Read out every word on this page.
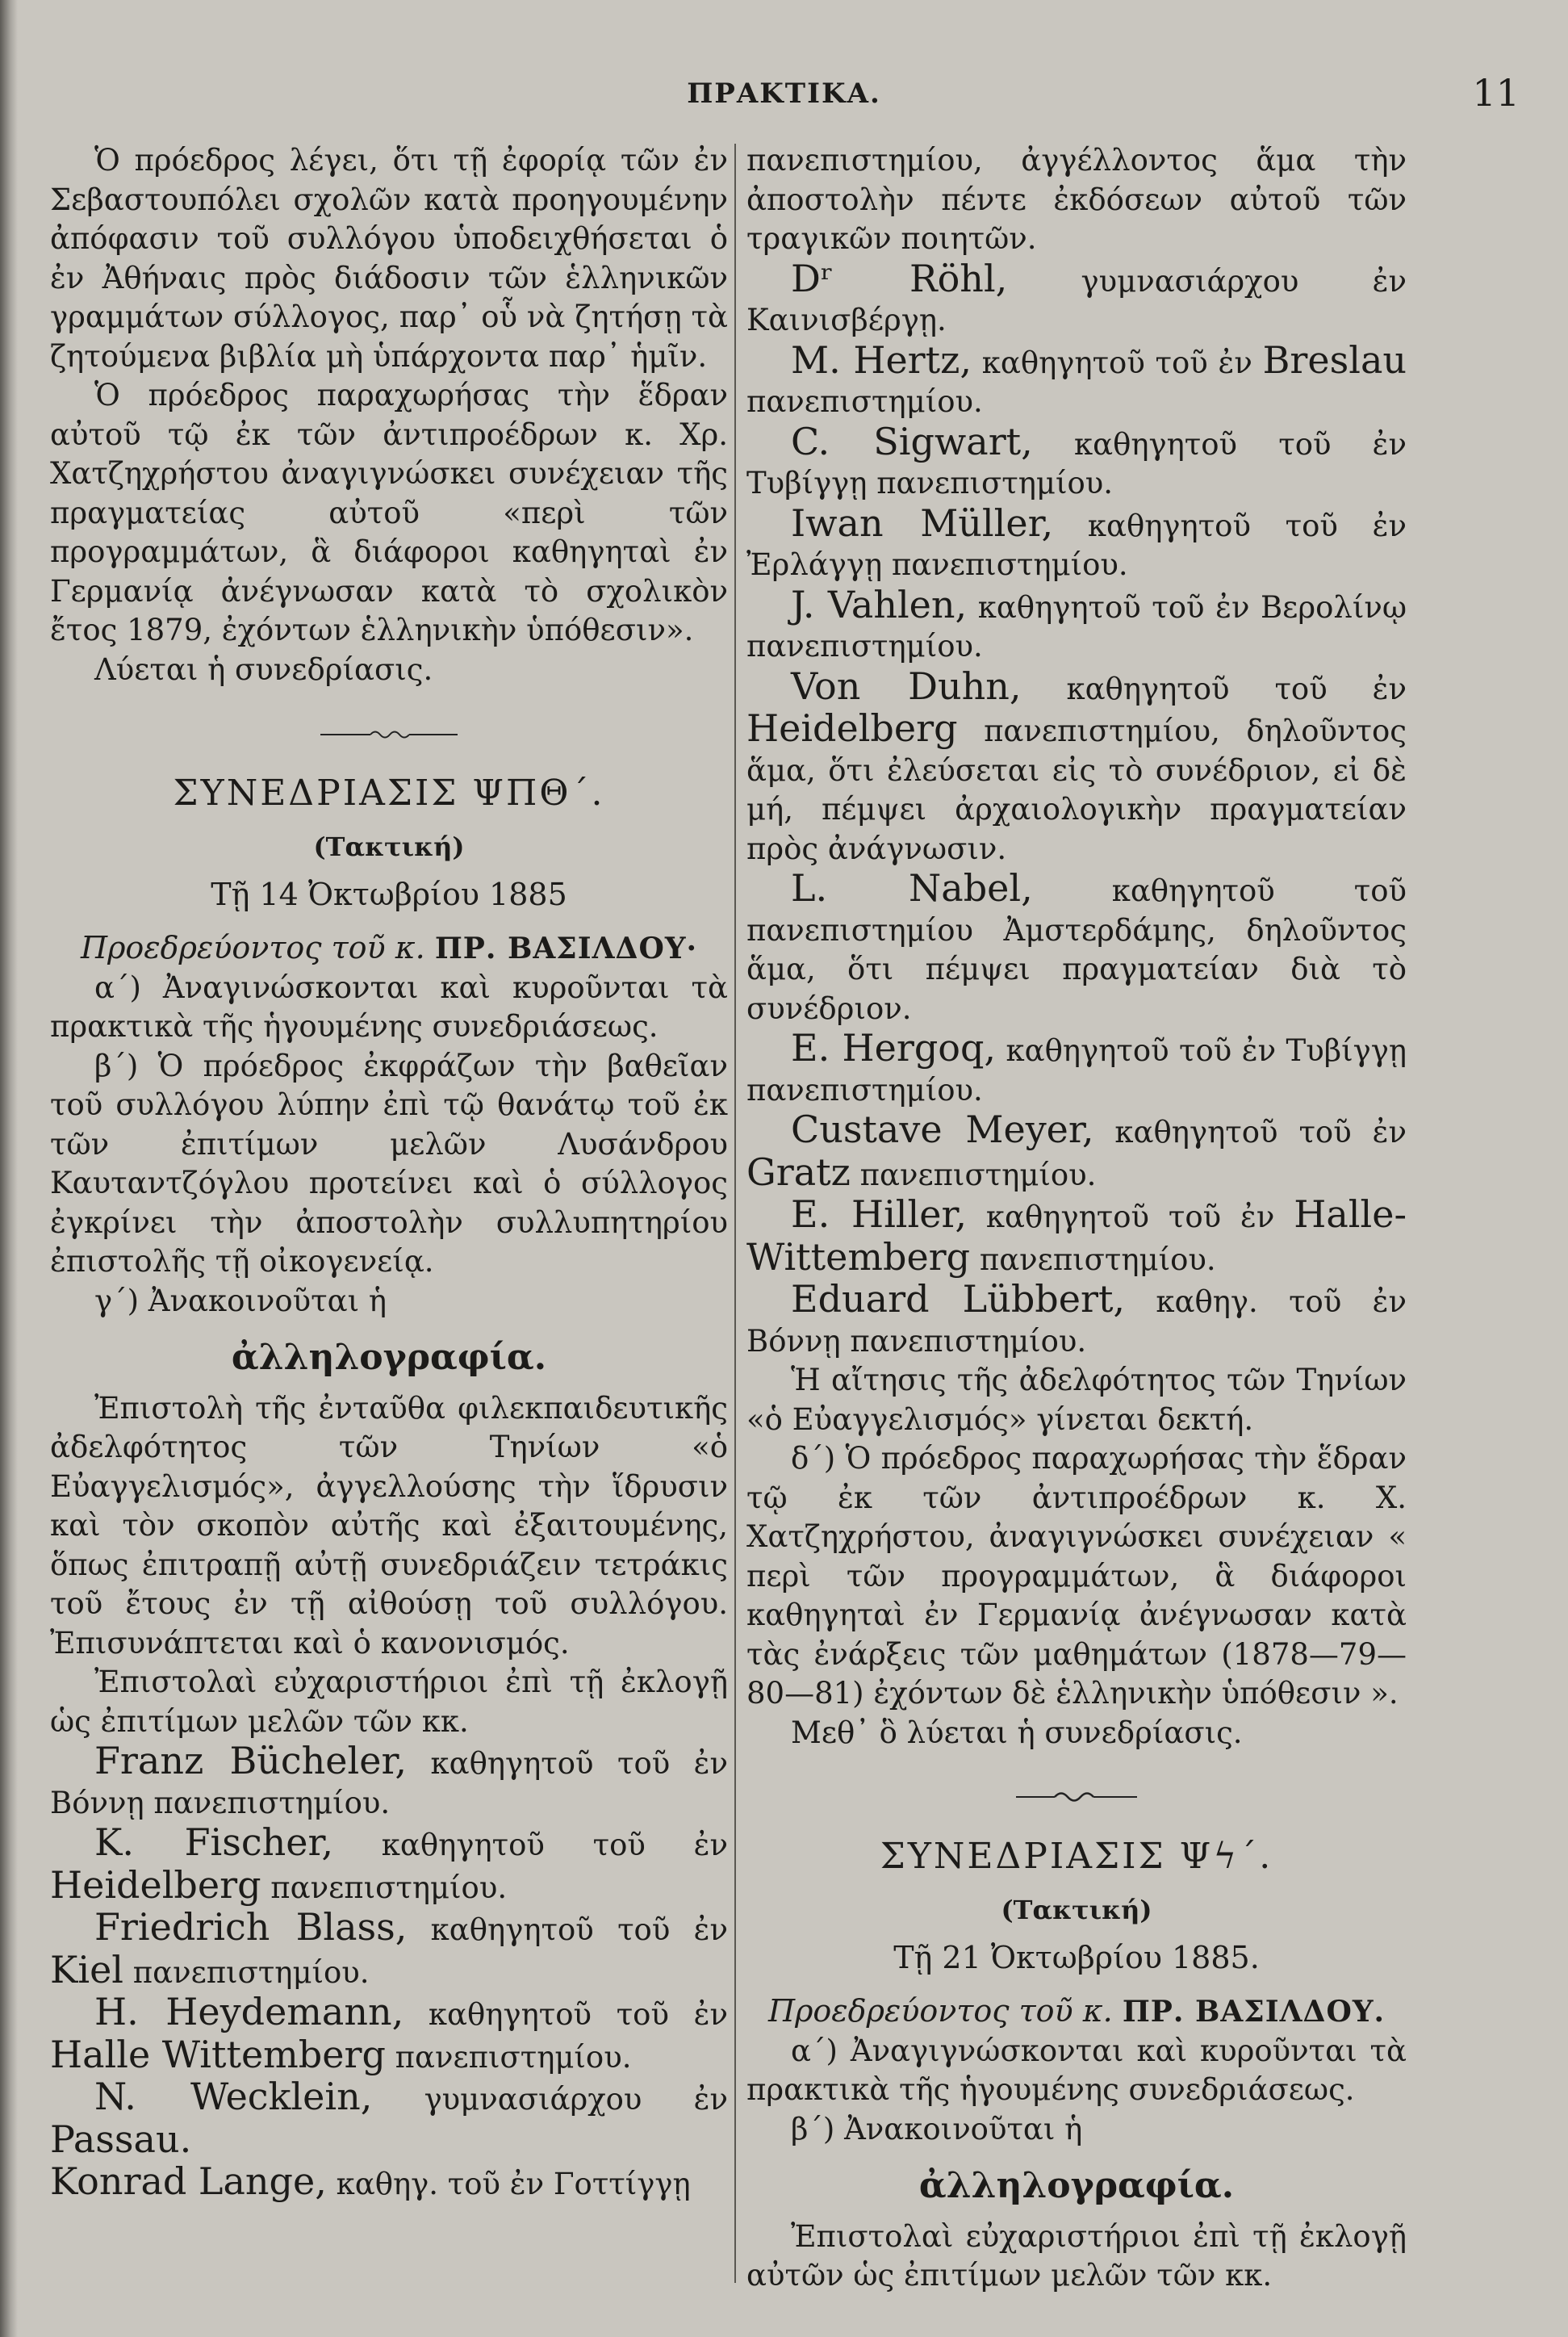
ΠΡΑΚΤΙΚΑ.	11

Ὁ πρόεδρος λέγει, ὅτι τῇ ἐφορίᾳ τῶν ἐν Σεβαστουπόλει σχολῶν κατὰ προηγουμένην ἀπόφασιν τοῦ συλλόγου ὑποδειχθήσεται ὁ ἐν Ἀθήναις πρὸς διάδοσιν τῶν ἑλληνικῶν γραμμάτων σύλλογος, παρ᾽ οὗ νὰ ζητήσῃ τὰ ζητούμενα βιβλία μὴ ὑπάρχοντα παρ᾽ ἡμῖν.

Ὁ πρόεδρος παραχωρήσας τὴν ἕδραν αὐτοῦ τῷ ἐκ τῶν ἀντιπροέδρων κ. Χρ. Χατζηχρήστου ἀναγιγνώσκει συνέχειαν τῆς πραγματείας αὐτοῦ «περὶ τῶν προγραμμάτων, ἃ διάφοροι καθηγηταὶ ἐν Γερμανίᾳ ἀνέγνωσαν κατὰ τὸ σχολικὸν ἔτος 1879, ἐχόντων ἑλληνικὴν ὑπόθεσιν».

Λύεται ἡ συνεδρίασις.

ΣΥΝΕΔΡΙΑΣΙΣ ΨΠΘ΄.

(Τακτική)

Τῇ 14 Ὀκτωβρίου 1885

Προεδρεύοντος τοῦ κ. ΠΡ. ΒΑΣΙΛΔΟΥ·

α΄) Ἀναγινώσκονται καὶ κυροῦνται τὰ πρακτικὰ τῆς ἡγουμένης συνεδριάσεως.

β΄) Ὁ πρόεδρος ἐκφράζων τὴν βαθεῖαν τοῦ συλλόγου λύπην ἐπὶ τῷ θανάτῳ τοῦ ἐκ τῶν ἐπιτίμων μελῶν Λυσάνδρου Καυταντζόγλου προτείνει καὶ ὁ σύλλογος ἐγκρίνει τὴν ἀποστολὴν συλλυπητηρίου ἐπιστολῆς τῇ οἰκογενείᾳ.

γ΄) Ἀνακοινοῦται ἡ

ἀλληλογραφία.

Ἐπιστολὴ τῆς ἐνταῦθα φιλεκπαιδευτικῆς ἀδελφότητος τῶν Τηνίων «ὁ Εὐαγγελισμός», ἀγγελλούσης τὴν ἵδρυσιν καὶ τὸν σκοπὸν αὐτῆς καὶ ἐξαιτουμένης, ὅπως ἐπιτραπῇ αὐτῇ συνεδριάζειν τετράκις τοῦ ἔτους ἐν τῇ αἰθούσῃ τοῦ συλλόγου. Ἐπισυνάπτεται καὶ ὁ κανονισμός.

Ἐπιστολαὶ εὐχαριστήριοι ἐπὶ τῇ ἐκλογῇ ὡς ἐπιτίμων μελῶν τῶν κκ.

Franz Bücheler, καθηγητοῦ τοῦ ἐν Βόννῃ πανεπιστημίου.

K. Fischer, καθηγητοῦ τοῦ ἐν Heidelberg πανεπιστημίου.

Friedrich Blass, καθηγητοῦ τοῦ ἐν Kiel πανεπιστημίου.

H. Heydemann, καθηγητοῦ τοῦ ἐν Halle Wittemberg πανεπιστημίου.

N. Wecklein, γυμνασιάρχου ἐν Passau.

Konrad Lange, καθηγ. τοῦ ἐν Γοττίγγῃ

πανεπιστημίου, ἀγγέλλοντος ἅμα τὴν ἀποστολὴν πέντε ἐκδόσεων αὐτοῦ τῶν τραγικῶν ποιητῶν.

Dʳ Röhl, γυμνασιάρχου ἐν Καινισβέργῃ.

M. Hertz, καθηγητοῦ τοῦ ἐν Breslau πανεπιστημίου.

C. Sigwart, καθηγητοῦ τοῦ ἐν Τυβίγγῃ πανεπιστημίου.

Iwan Müller, καθηγητοῦ τοῦ ἐν Ἐρλάγγῃ πανεπιστημίου.

J. Vahlen, καθηγητοῦ τοῦ ἐν Βερολίνῳ πανεπιστημίου.

Von Duhn, καθηγητοῦ τοῦ ἐν Heidelberg πανεπιστημίου, δηλοῦντος ἅμα, ὅτι ἐλεύσεται εἰς τὸ συνέδριον, εἰ δὲ μή, πέμψει ἀρχαιολογικὴν πραγματείαν πρὸς ἀνάγνωσιν.

L. Nabel, καθηγητοῦ τοῦ πανεπιστημίου Ἀμστερδάμης, δηλοῦντος ἅμα, ὅτι πέμψει πραγματείαν διὰ τὸ συνέδριον.

E. Hergoq, καθηγητοῦ τοῦ ἐν Τυβίγγῃ πανεπιστημίου.

Custave Meyer, καθηγητοῦ τοῦ ἐν Gratz πανεπιστημίου.

E. Hiller, καθηγητοῦ τοῦ ἐν Halle-Wittemberg πανεπιστημίου.

Eduard Lübbert, καθηγ. τοῦ ἐν Βόννῃ πανεπιστημίου.

Ἡ αἴτησις τῆς ἀδελφότητος τῶν Τηνίων «ὁ Εὐαγγελισμός» γίνεται δεκτή.

δ΄) Ὁ πρόεδρος παραχωρήσας τὴν ἕδραν τῷ ἐκ τῶν ἀντιπροέδρων κ. Χ. Χατζηχρήστου, ἀναγιγνώσκει συνέχειαν « περὶ τῶν προγραμμάτων, ἃ διάφοροι καθηγηταὶ ἐν Γερμανίᾳ ἀνέγνωσαν κατὰ τὰς ἐνάρξεις τῶν μαθημάτων (1878—79—80—81) ἐχόντων δὲ ἑλληνικὴν ὑπόθεσιν ».

Μεθ᾽ ὃ λύεται ἡ συνεδρίασις.

ΣΥΝΕΔΡΙΑΣΙΣ Ψϟ΄.

(Τακτική)

Τῇ 21 Ὀκτωβρίου 1885.

Προεδρεύοντος τοῦ κ. ΠΡ. ΒΑΣΙΛΔΟΥ.

α΄) Ἀναγιγνώσκονται καὶ κυροῦνται τὰ πρακτικὰ τῆς ἡγουμένης συνεδριάσεως.

β΄) Ἀνακοινοῦται ἡ

ἀλληλογραφία.

Ἐπιστολαὶ εὐχαριστήριοι ἐπὶ τῇ ἐκλογῇ αὐτῶν ὡς ἐπιτίμων μελῶν τῶν κκ.
